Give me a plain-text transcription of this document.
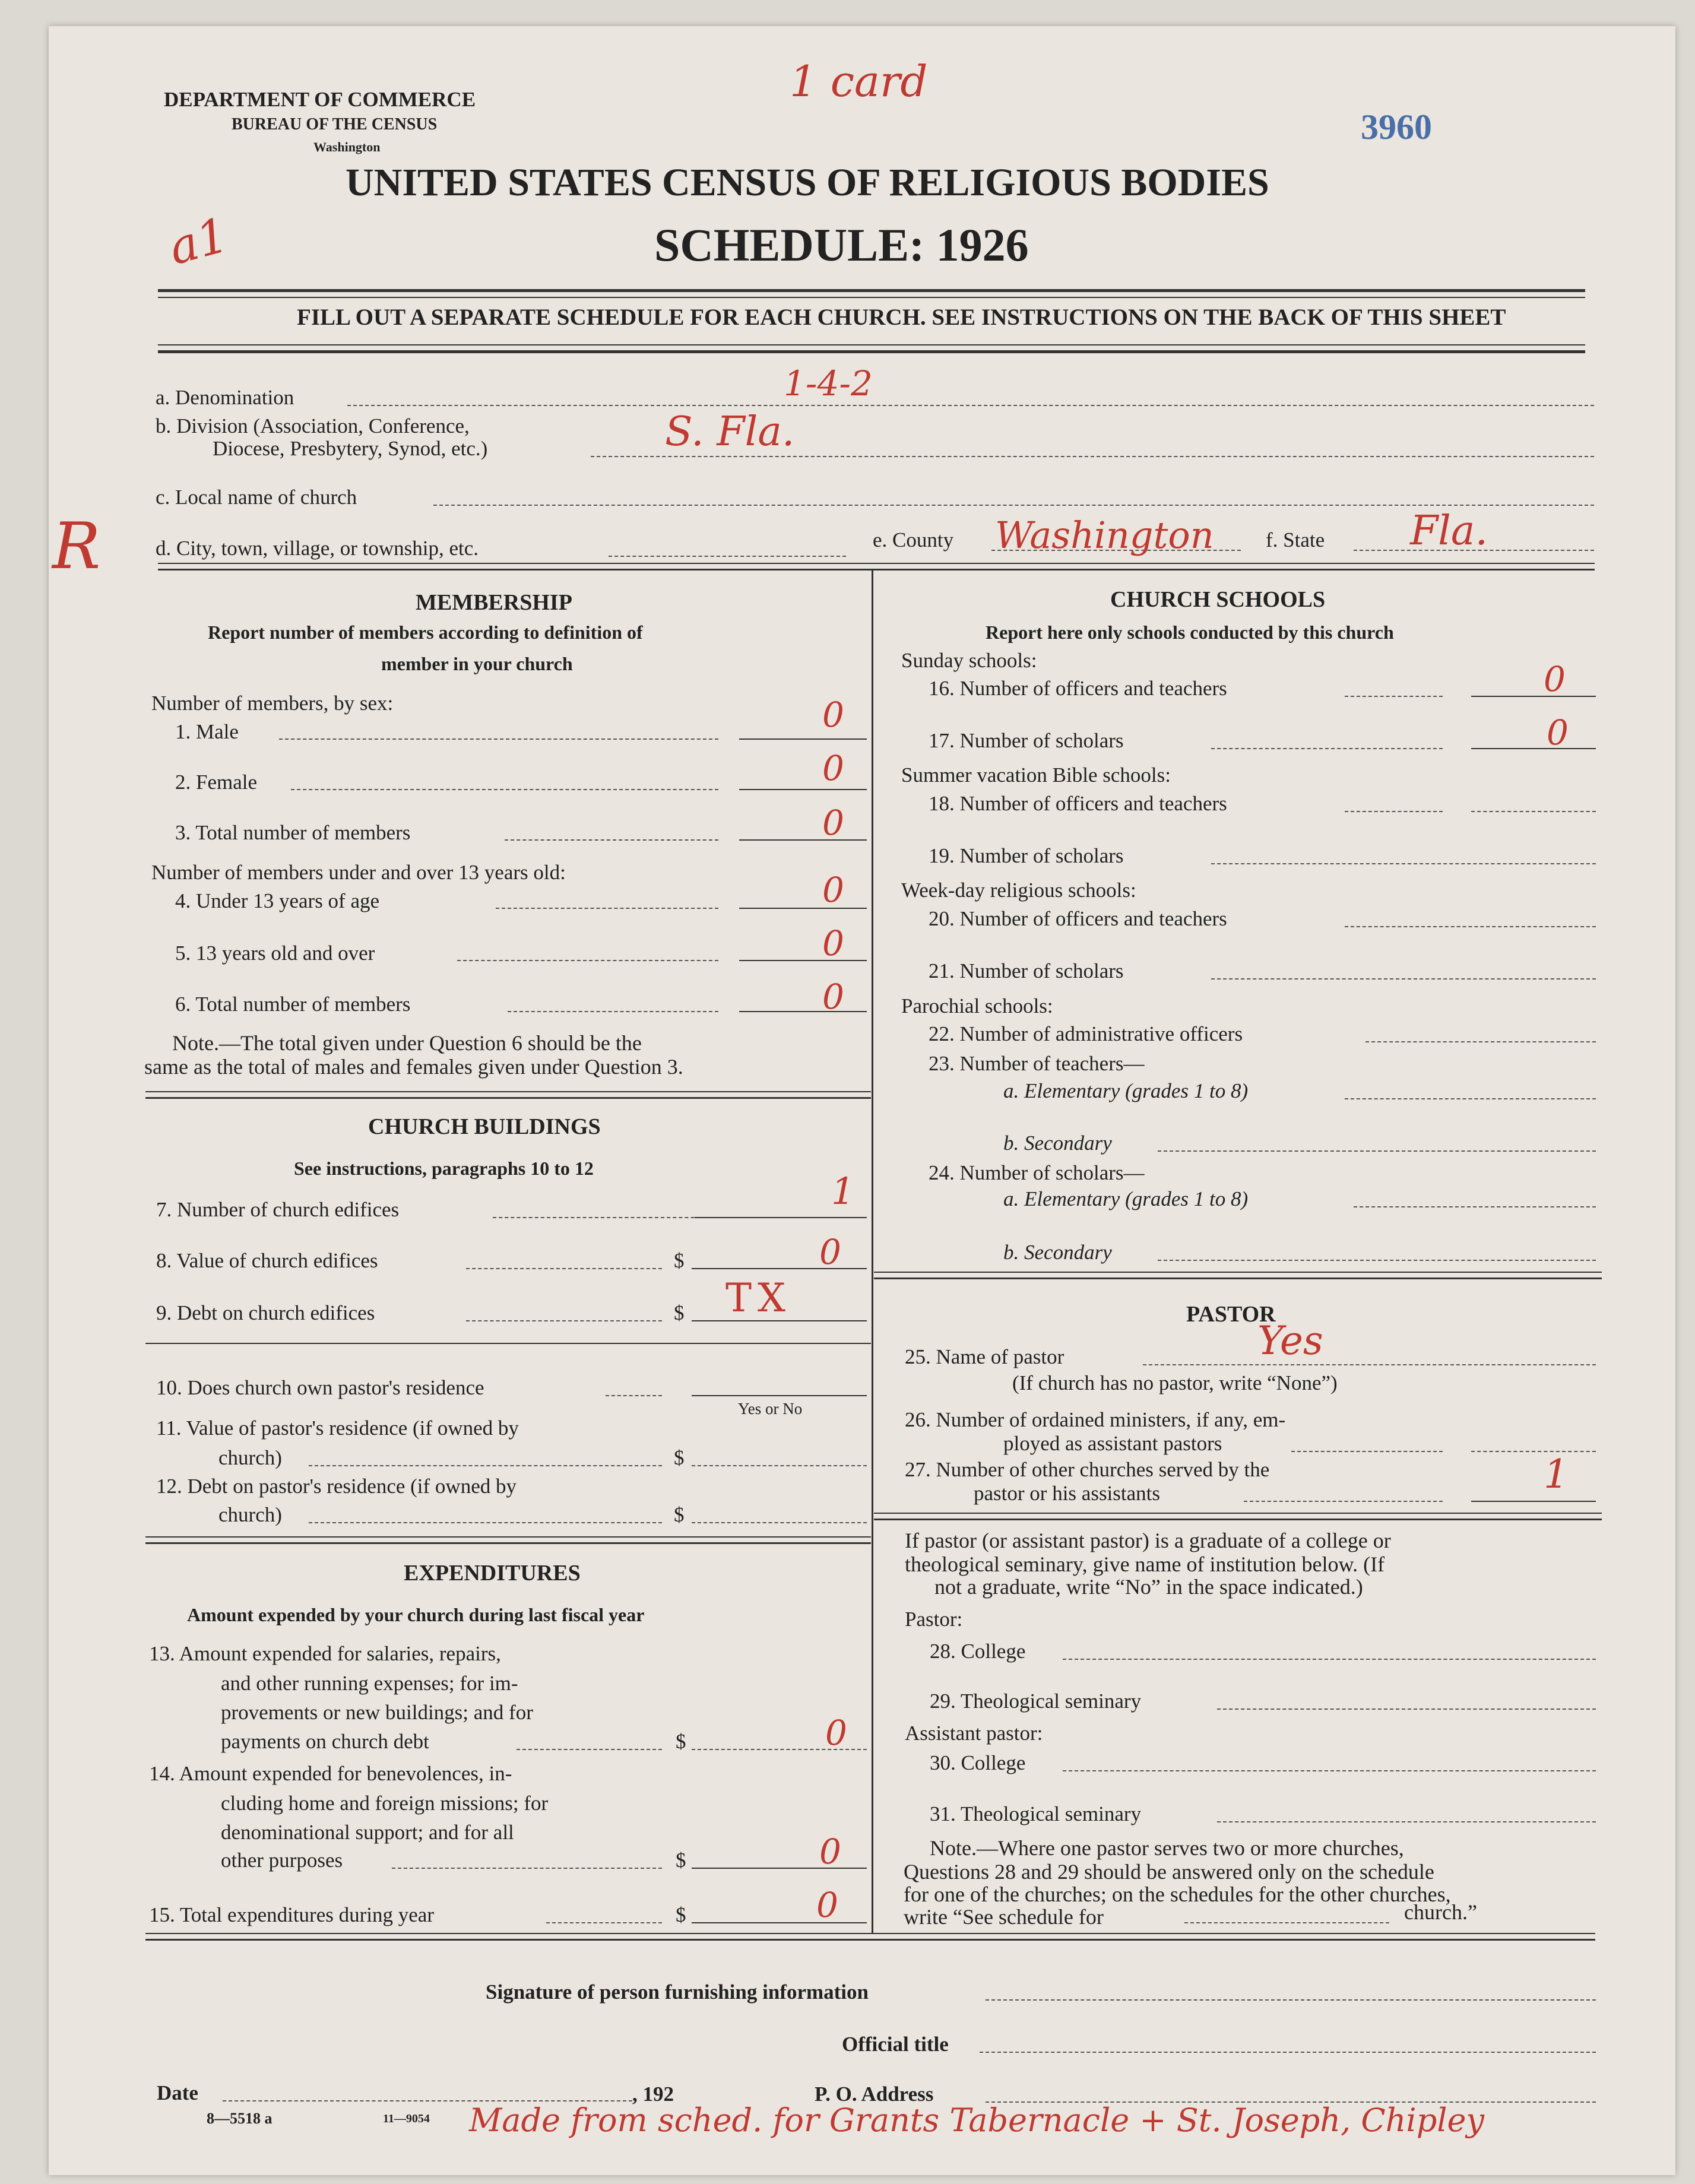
DEPARTMENT OF COMMERCE
BUREAU OF THE CENSUS
Washington
UNITED STATES CENSUS OF RELIGIOUS BODIES
SCHEDULE: 1926
1 card
3960
a1
R
FILL OUT A SEPARATE SCHEDULE FOR EACH CHURCH. SEE INSTRUCTIONS ON THE BACK OF THIS SHEET
a. Denomination	1-4-2
b. Division (Association, Conference,
Diocese, Presbytery, Synod, etc.)	S. Fla.
c. Local name of church
d. City, town, village, or township, etc.	e. County Washington f. State Fla.
MEMBERSHIP
Report number of members according to definition of
member in your church
Number of members, by sex:
1. Male	0
2. Female	0
3. Total number of members	0
Number of members under and over 13 years old:
4. Under 13 years of age	0
5. 13 years old and over	0
6. Total number of members	0
Note.—The total given under Question 6 should be the
same as the total of males and females given under Question 3.
CHURCH BUILDINGS
See instructions, paragraphs 10 to 12
7. Number of church edifices	1
8. Value of church edifices	$	0
9. Debt on church edifices	$ TX
10. Does church own pastor's residence
Yes or No
11. Value of pastor's residence (if owned by
church)	$
12. Debt on pastor's residence (if owned by
church)	$
EXPENDITURES
Amount expended by your church during last fiscal year
13. Amount expended for salaries, repairs,
and other running expenses; for im-
provements or new buildings; and for
payments on church debt	$	0
14. Amount expended for benevolences, in-
cluding home and foreign missions; for
denominational support; and for all
other purposes	$	0
15. Total expenditures during year	$	0
CHURCH SCHOOLS
Report here only schools conducted by this church
Sunday schools:
16. Number of officers and teachers	0
17. Number of scholars	0
Summer vacation Bible schools:
18. Number of officers and teachers
19. Number of scholars
Week-day religious schools:
20. Number of officers and teachers
21. Number of scholars
Parochial schools:
22. Number of administrative officers
23. Number of teachers—
a. Elementary (grades 1 to 8)
b. Secondary
24. Number of scholars—
a. Elementary (grades 1 to 8)
b. Secondary
PASTOR
25. Name of pastor	Yes
(If church has no pastor, write “None”)
26. Number of ordained ministers, if any, em-
ployed as assistant pastors
27. Number of other churches served by the
pastor or his assistants	1
If pastor (or assistant pastor) is a graduate of a college or
theological seminary, give name of institution below. (If
not a graduate, write “No” in the space indicated.)
Pastor:
28. College
29. Theological seminary
Assistant pastor:
30. College
31. Theological seminary
Note.—Where one pastor serves two or more churches,
Questions 28 and 29 should be answered only on the schedule
for one of the churches; on the schedules for the other churches,
write “See schedule for	church.”
Signature of person furnishing information
Official title
Date	, 192	P. O. Address
8—5518 a	11—9054 Made from sched. for Grants Tabernacle + St. Joseph, Chipley
